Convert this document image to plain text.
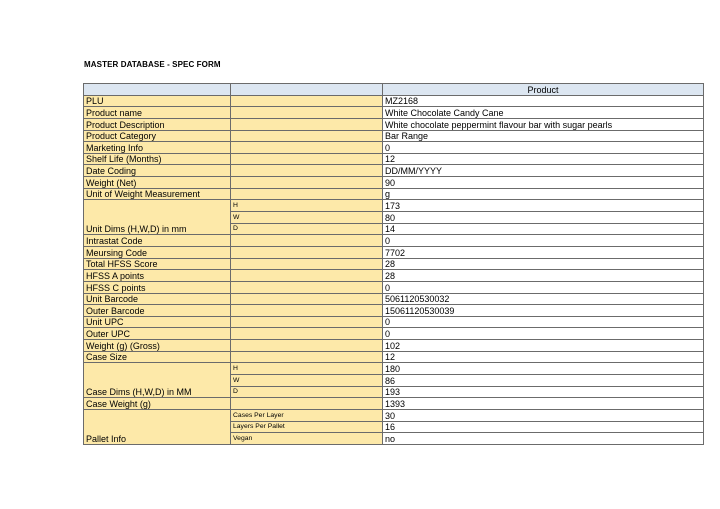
MASTER DATABASE - SPEC FORM
		Product
PLU		MZ2168
Product name		White Chocolate Candy Cane
Product Description		White chocolate peppermint flavour bar with sugar pearls
Product Category		Bar Range
Marketing Info		0
Shelf Life (Months)		12
Date Coding		DD/MM/YYYY
Weight (Net)		90
Unit of Weight Measurement		g
Unit Dims (H,W,D) in mm	H	173
	W	80
	D	14
Intrastat Code		0
Meursing Code		7702
Total HFSS Score		28
HFSS A points		28
HFSS C points		0
Unit Barcode		5061120530032
Outer Barcode		15061120530039
Unit UPC		0
Outer UPC		0
Weight (g) (Gross)		102
Case Size		12
Case Dims (H,W,D) in MM	H	180
	W	86
	D	193
Case Weight (g)		1393
Pallet Info	Cases Per Layer	30
	Layers Per Pallet	16
	Vegan	no
